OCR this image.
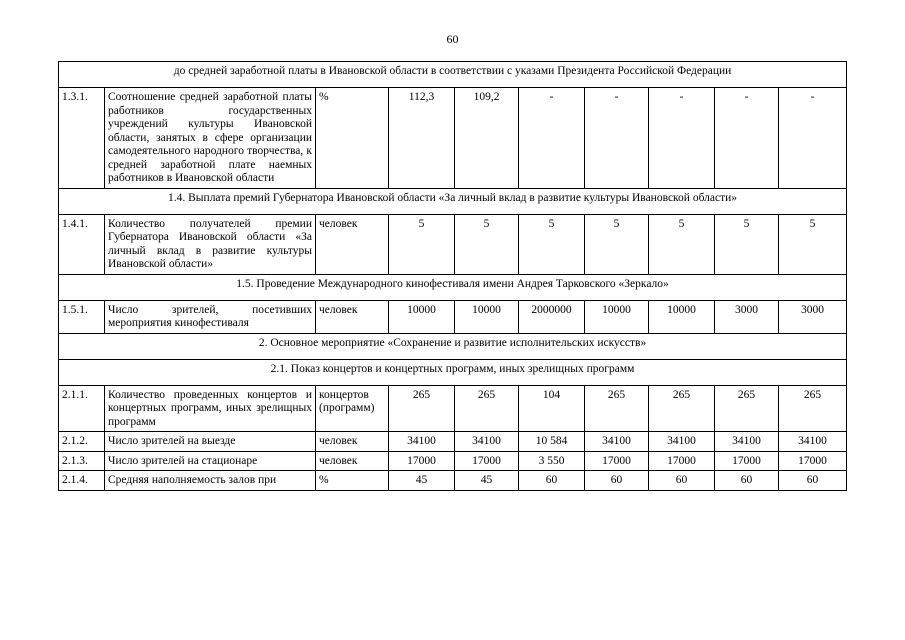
60
до средней заработной платы в Ивановской области в соответствии с указами Президента Российской Федерации									
1.3.1.	Соотношение средней заработной платы работников государственных учреждений культуры Ивановской области, занятых в сфере организации самодеятельного народного творчества, к средней заработной плате наемных работников в Ивановской области	%	112,3	109,2	-	-	-	-	-
1.4. Выплата премий Губернатора Ивановской области «За личный вклад в развитие культуры Ивановской области»									
1.4.1.	Количество получателей премии Губернатора Ивановской области «За личный вклад в развитие культуры Ивановской области»	человек	5	5	5	5	5	5	5
1.5. Проведение Международного кинофестиваля имени Андрея Тарковского «Зеркало»									
1.5.1.	Число зрителей, посетивших мероприятия кинофестиваля	человек	10000	10000	2000000	10000	10000	3000	3000
2. Основное мероприятие «Сохранение и развитие исполнительских искусств»									
2.1. Показ концертов и концертных программ, иных зрелищных программ									
2.1.1.	Количество проведенных концертов и концертных программ, иных зрелищных программ	концертов (программ)	265	265	104	265	265	265	265
2.1.2.	Число зрителей на выезде	человек	34100	34100	10 584	34100	34100	34100	34100
2.1.3.	Число зрителей на стационаре	человек	17000	17000	3 550	17000	17000	17000	17000
2.1.4.	Средняя наполняемость залов при	%	45	45	60	60	60	60	60
